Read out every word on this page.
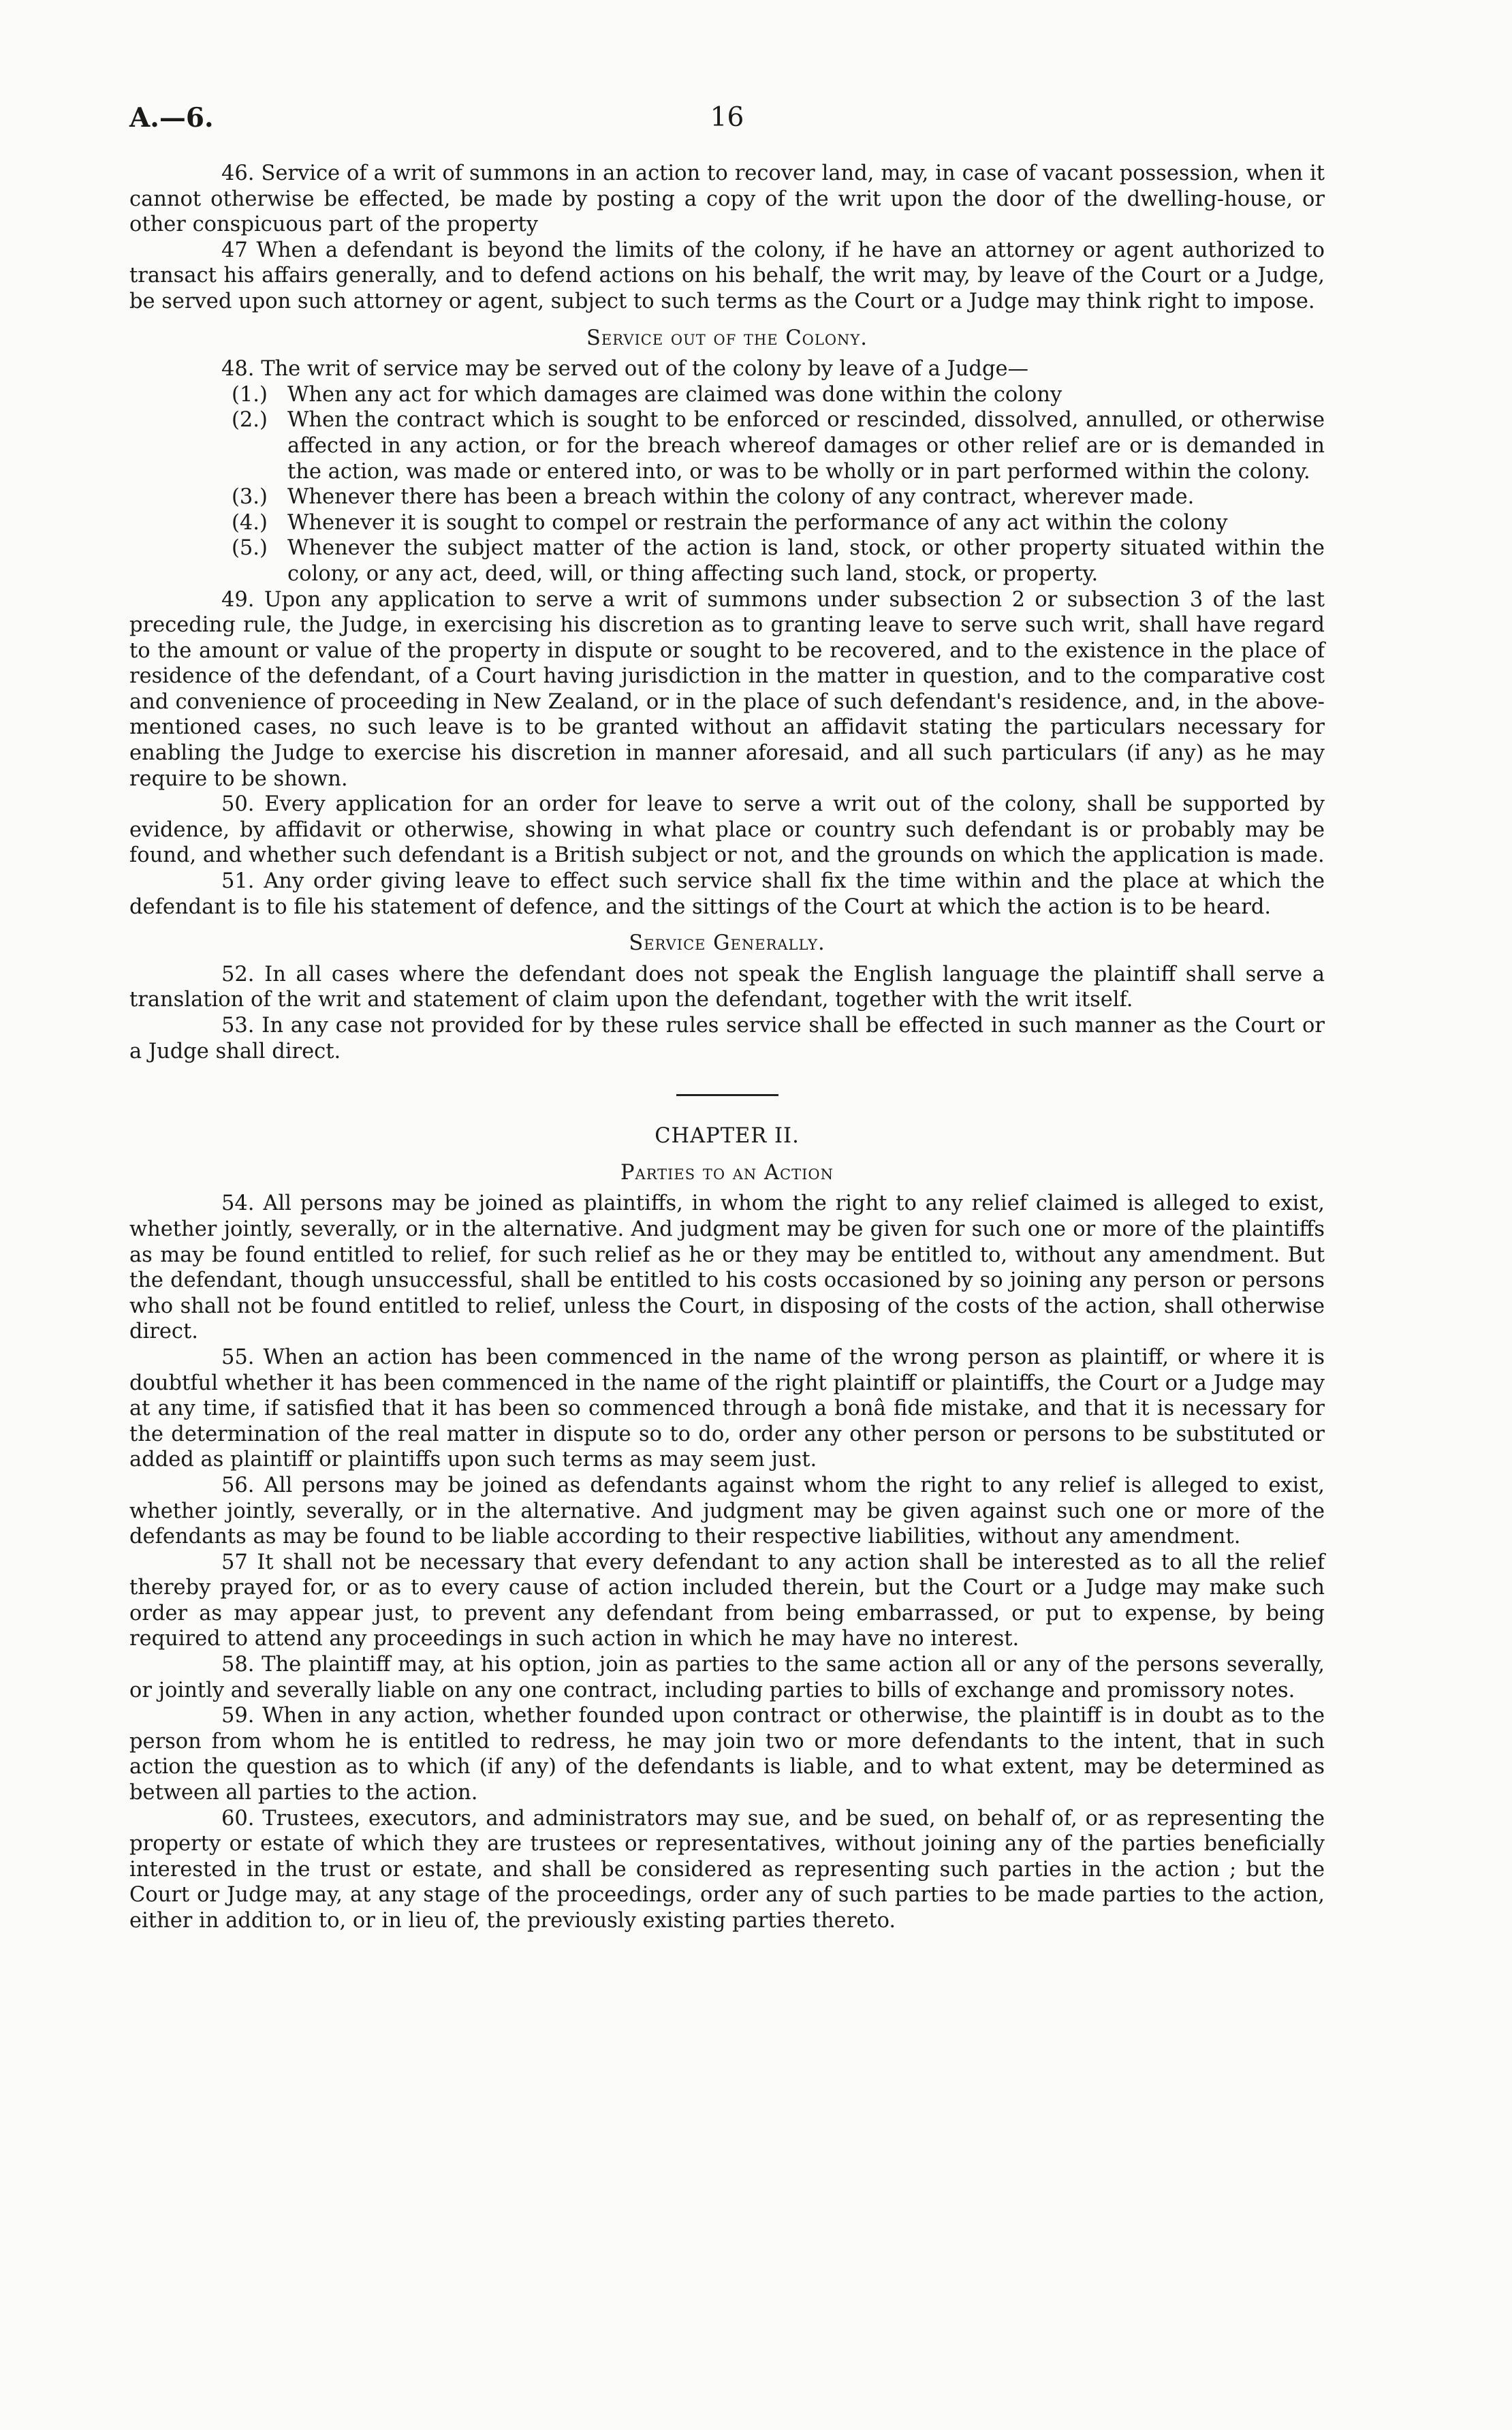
A.—6.	16

46. Service of a writ of summons in an action to recover land, may, in case of vacant possession, when it cannot otherwise be effected, be made by posting a copy of the writ upon the door of the dwelling-house, or other conspicuous part of the property

47 When a defendant is beyond the limits of the colony, if he have an attorney or agent authorized to transact his affairs generally, and to defend actions on his behalf, the writ may, by leave of the Court or a Judge, be served upon such attorney or agent, subject to such terms as the Court or a Judge may think right to impose.

Service out of the Colony.

48. The writ of service may be served out of the colony by leave of a Judge—

(1.) When any act for which damages are claimed was done within the colony
(2.) When the contract which is sought to be enforced or rescinded, dissolved, annulled, or otherwise affected in any action, or for the breach whereof damages or other relief are or is demanded in the action, was made or entered into, or was to be wholly or in part performed within the colony.
(3.) Whenever there has been a breach within the colony of any contract, wherever made.
(4.) Whenever it is sought to compel or restrain the performance of any act within the colony
(5.) Whenever the subject matter of the action is land, stock, or other property situated within the colony, or any act, deed, will, or thing affecting such land, stock, or property.

49. Upon any application to serve a writ of summons under subsection 2 or subsection 3 of the last preceding rule, the Judge, in exercising his discretion as to granting leave to serve such writ, shall have regard to the amount or value of the property in dispute or sought to be recovered, and to the existence in the place of residence of the defendant, of a Court having jurisdiction in the matter in question, and to the comparative cost and convenience of proceeding in New Zealand, or in the place of such defendant's residence, and, in the above-mentioned cases, no such leave is to be granted without an affidavit stating the particulars necessary for enabling the Judge to exercise his discretion in manner aforesaid, and all such particulars (if any) as he may require to be shown.

50. Every application for an order for leave to serve a writ out of the colony, shall be supported by evidence, by affidavit or otherwise, showing in what place or country such defendant is or probably may be found, and whether such defendant is a British subject or not, and the grounds on which the application is made.

51. Any order giving leave to effect such service shall fix the time within and the place at which the defendant is to file his statement of defence, and the sittings of the Court at which the action is to be heard.

Service Generally.

52. In all cases where the defendant does not speak the English language the plaintiff shall serve a translation of the writ and statement of claim upon the defendant, together with the writ itself.

53. In any case not provided for by these rules service shall be effected in such manner as the Court or a Judge shall direct.

CHAPTER II.
Parties to an Action

54. All persons may be joined as plaintiffs, in whom the right to any relief claimed is alleged to exist, whether jointly, severally, or in the alternative. And judgment may be given for such one or more of the plaintiffs as may be found entitled to relief, for such relief as he or they may be entitled to, without any amendment. But the defendant, though unsuccessful, shall be entitled to his costs occasioned by so joining any person or persons who shall not be found entitled to relief, unless the Court, in disposing of the costs of the action, shall otherwise direct.

55. When an action has been commenced in the name of the wrong person as plaintiff, or where it is doubtful whether it has been commenced in the name of the right plaintiff or plaintiffs, the Court or a Judge may at any time, if satisfied that it has been so commenced through a bonâ fide mistake, and that it is necessary for the determination of the real matter in dispute so to do, order any other person or persons to be substituted or added as plaintiff or plaintiffs upon such terms as may seem just.

56. All persons may be joined as defendants against whom the right to any relief is alleged to exist, whether jointly, severally, or in the alternative. And judgment may be given against such one or more of the defendants as may be found to be liable according to their respective liabilities, without any amendment.

57 It shall not be necessary that every defendant to any action shall be interested as to all the relief thereby prayed for, or as to every cause of action included therein, but the Court or a Judge may make such order as may appear just, to prevent any defendant from being embarrassed, or put to expense, by being required to attend any proceedings in such action in which he may have no interest.

58. The plaintiff may, at his option, join as parties to the same action all or any of the persons severally, or jointly and severally liable on any one contract, including parties to bills of exchange and promissory notes.

59. When in any action, whether founded upon contract or otherwise, the plaintiff is in doubt as to the person from whom he is entitled to redress, he may join two or more defendants to the intent, that in such action the question as to which (if any) of the defendants is liable, and to what extent, may be determined as between all parties to the action.

60. Trustees, executors, and administrators may sue, and be sued, on behalf of, or as representing the property or estate of which they are trustees or representatives, without joining any of the parties beneficially interested in the trust or estate, and shall be considered as representing such parties in the action ; but the Court or Judge may, at any stage of the proceedings, order any of such parties to be made parties to the action, either in addition to, or in lieu of, the previously existing parties thereto.
